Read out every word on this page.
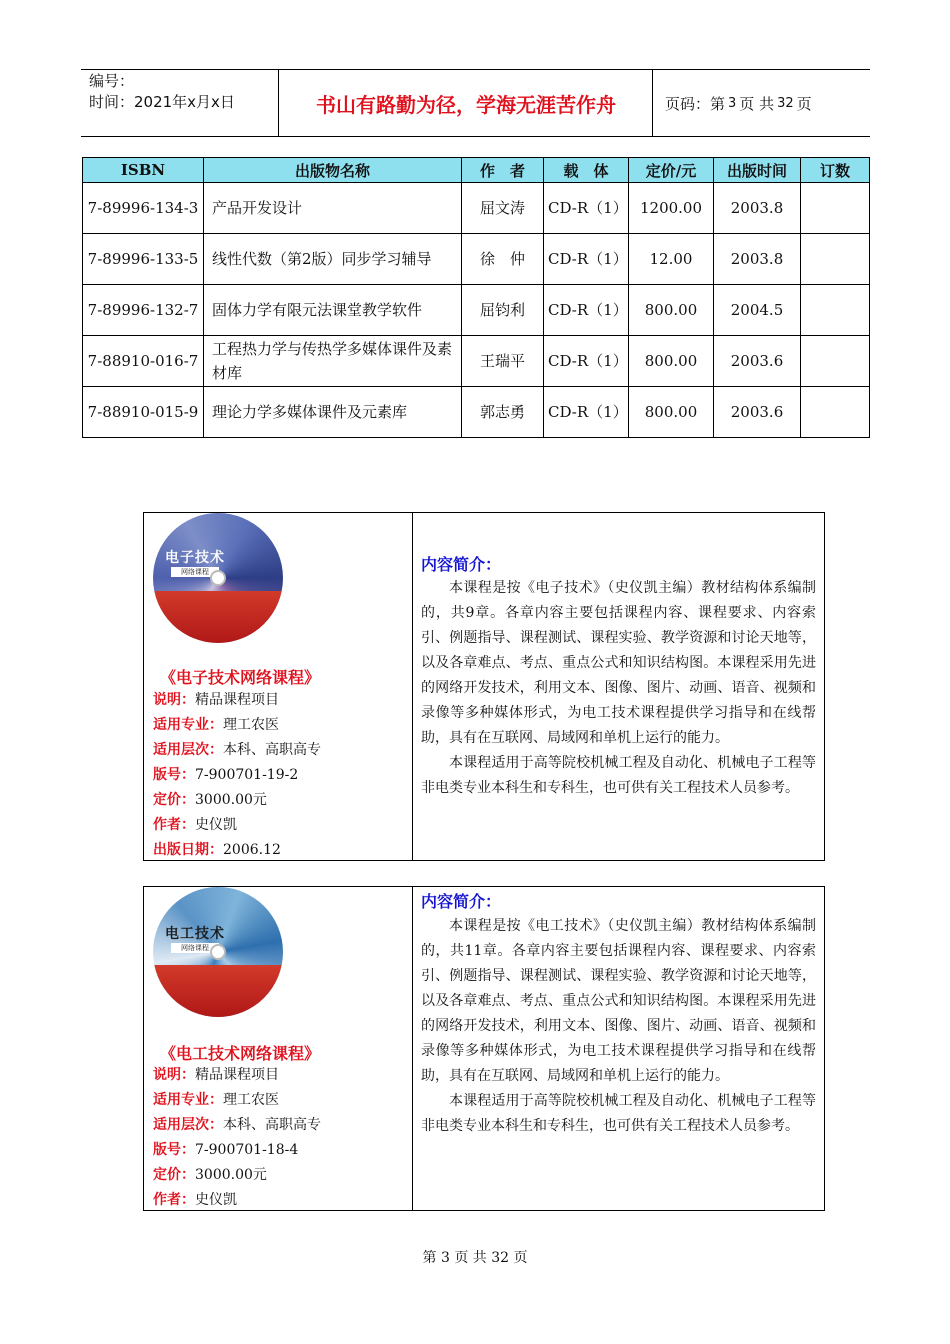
编号：
时间：2021年x月x日	书山有路勤为径，学海无涯苦作舟	页码：第 3 页 共 32 页
ISBN	出版物名称	作　者	载　体	定价/元	出版时间	订数
7-89996-134-3	产品开发设计	屈文涛	CD-R（1）	1200.00	2003.8	
7-89996-133-5	线性代数（第2版）同步学习辅导	徐　仲	CD-R（1）	12.00	2003.8	
7-89996-132-7	固体力学有限元法课堂教学软件	屈钧利	CD-R（1）	800.00	2004.5	
7-88910-016-7	工程热力学与传热学多媒体课件及素材库	王瑞平	CD-R（1）	800.00	2003.6	
7-88910-015-9	理论力学多媒体课件及元素库	郭志勇	CD-R（1）	800.00	2003.6	
电子技术
网络课程
《电子技术网络课程》
说明：精品课程项目
适用专业：理工农医
适用层次：本科、高职高专
版号：7-900701-19-2
定价：3000.00元
作者：史仪凯
出版日期：2006.12
内容简介：

本课程是按《电子技术》（史仪凯主编）教材结构体系编制的，共9章。各章内容主要包括课程内容、课程要求、内容索引、例题指导、课程测试、课程实验、教学资源和讨论天地等，以及各章难点、考点、重点公式和知识结构图。本课程采用先进的网络开发技术，利用文本、图像、图片、动画、语音、视频和录像等多种媒体形式，为电工技术课程提供学习指导和在线帮助，具有在互联网、局域网和单机上运行的能力。

本课程适用于高等院校机械工程及自动化、机械电子工程等非电类专业本科生和专科生，也可供有关工程技术人员参考。

电工技术
网络课程
《电工技术网络课程》
说明：精品课程项目
适用专业：理工农医
适用层次：本科、高职高专
版号：7-900701-18-4
定价：3000.00元
作者：史仪凯
内容简介：

本课程是按《电工技术》（史仪凯主编）教材结构体系编制的，共11章。各章内容主要包括课程内容、课程要求、内容索引、例题指导、课程测试、课程实验、教学资源和讨论天地等，以及各章难点、考点、重点公式和知识结构图。本课程采用先进的网络开发技术，利用文本、图像、图片、动画、语音、视频和录像等多种媒体形式，为电工技术课程提供学习指导和在线帮助，具有在互联网、局域网和单机上运行的能力。

本课程适用于高等院校机械工程及自动化、机械电子工程等非电类专业本科生和专科生，也可供有关工程技术人员参考。

第 3 页 共 32 页
